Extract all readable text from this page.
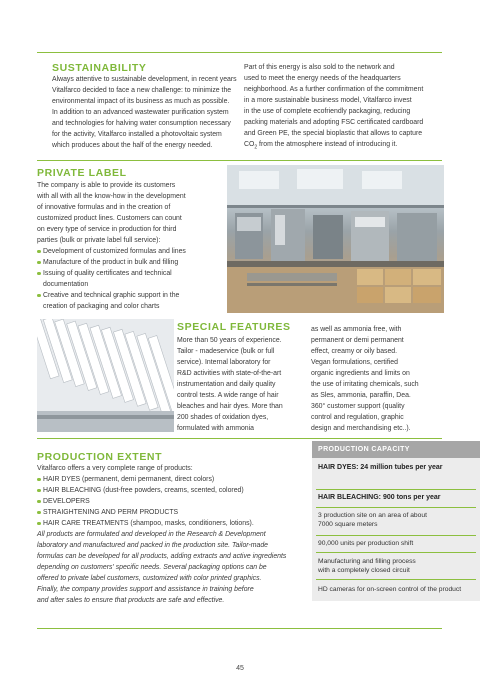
SUSTAINABILITY

Always attentive to sustainable development, in recent years

Vitalfarco decided to face a new challenge: to minimize the

environmental impact of its business as much as possible.

In addition to an advanced wastewater purification system

and technologies for halving water consumption necessary

for the activity, Vitalfarco installed a photovoltaic system

which produces about the half of the energy needed.

Part of this energy is also sold to the network and

used to meet the energy needs of the headquarters

neighborhood. As a further confirmation of the commitment

in a more sustainable business model, Vitalfarco invest

in the use of complete ecofriendly packaging, reducing

packing materials and adopting FSC certificated cardboard

and Green PE, the special bioplastic that allows to capture

$CO_2$ from the atmosphere instead of introducing it.

PRIVATE LABEL

The company is able to provide its customers

with all with all the know-how in the development

of innovative formulas and in the creation of

customized product lines. Customers can count

on every type of service in production for third

parties (bulk or private label full service):

Development of customized formulas and lines
Manufacture of the product in bulk and filling
Issuing of quality certificates and technical
documentation
Creative and technical graphic support in the
creation of packaging and color charts
SPECIAL FEATURES

More than 50 years of experience.

Tailor - madeservice (bulk or full

service). Internal laboratory for

R&D activities with state-of-the-art

instrumentation and daily quality

control tests. A wide range of hair

bleaches and hair dyes. More than

200 shades of oxidation dyes,

formulated with ammonia

as well as ammonia free, with

permanent or demi permanent

effect, creamy or oily based.

Vegan formulations, certified

organic ingredients and limits on

the use of irritating chemicals, such

as Sles, ammonia, paraffin, Dea.

360° customer support (quality

control and regulation, graphic

design and merchandising etc..).

PRODUCTION EXTENT

Vitalfarco offers a very complete range of products:

HAIR DYES (permanent, demi permanent, direct colors)
HAIR BLEACHING (dust-free powders, creams, scented, colored)
DEVELOPERS
STRAIGHTENING AND PERM PRODUCTS
HAIR CARE TREATMENTS (shampoo, masks, conditioners, lotions).

All products are formulated and developed in the Research & Development

laboratory and manufactured and packed in the production site. Tailor-made

formulas can be developed for all products, adding extracts and active ingredients

depending on customers' specific needs. Several packaging options can be

offered to private label customers, customized with color printed graphics.

Finally, the company provides support and assistance in training before

and after sales to ensure that products are safe and effective.

PRODUCTION CAPACITY
HAIR DYES: 24 million tubes per year
HAIR BLEACHING: 900 tons per year
3 production site on an area of about
7000 square meters
90,000 units per production shift
Manufacturing and filling process
with a completely closed circuit
HD cameras for on-screen control of the product
45
